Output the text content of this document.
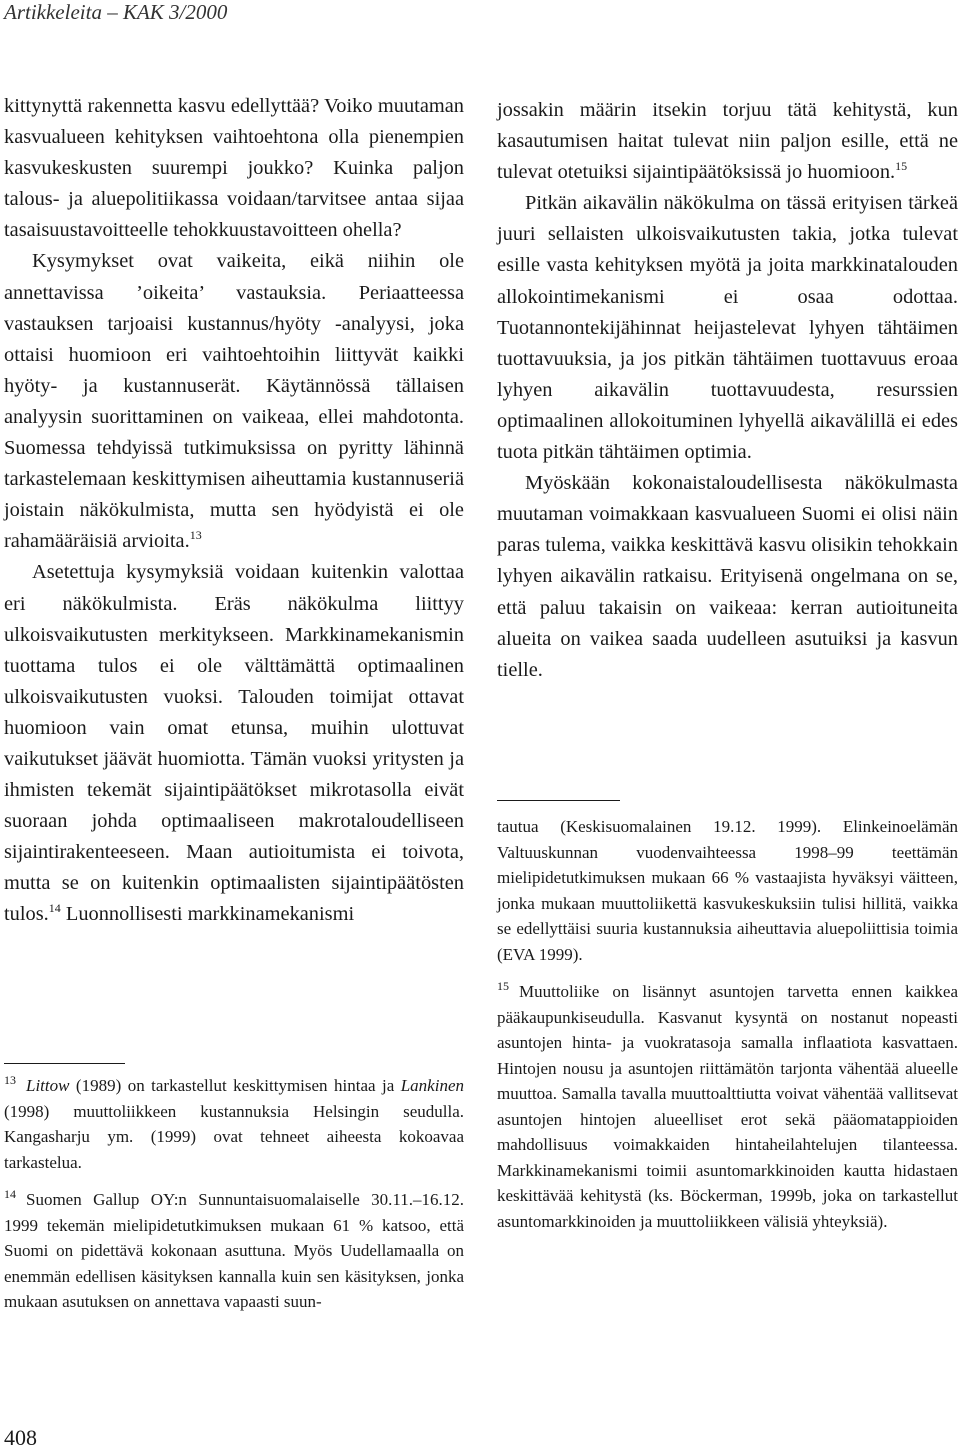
Artikkeleita – KAK 3/2000

kittynyttä rakennetta kasvu edellyttää? Voiko muutaman kasvualueen kehityksen vaihtoehtona olla pienempien kasvukeskusten suurempi joukko? Kuinka paljon talous- ja aluepolitiikassa voidaan/tarvitsee antaa sijaa tasaisuustavoitteelle tehokkuustavoitteen ohella?

Kysymykset ovat vaikeita, eikä niihin ole annettavissa ’oikeita’ vastauksia. Periaatteessa vastauksen tarjoaisi kustannus/hyöty -analyysi, joka ottaisi huomioon eri vaihtoehtoihin liittyvät kaikki hyöty- ja kustannuserät. Käytännössä tällaisen analyysin suorittaminen on vaikeaa, ellei mahdotonta. Suomessa tehdyissä tutkimuksissa on pyritty lähinnä tarkastelemaan keskittymisen aiheuttamia kustannuseriä joistain näkökulmista, mutta sen hyödyistä ei ole rahamääräisiä arvioita.$^{13}$

Asetettuja kysymyksiä voidaan kuitenkin valottaa eri näkökulmista. Eräs näkökulma liittyy ulkoisvaikutusten merkitykseen. Markkinamekanismin tuottama tulos ei ole välttämättä optimaalinen ulkoisvaikutusten vuoksi. Talouden toimijat ottavat huomioon vain omat etunsa, muihin ulottuvat vaikutukset jäävät huomiotta. Tämän vuoksi yritysten ja ihmisten tekemät sijaintipäätökset mikrotasolla eivät suoraan johda optimaaliseen makrotaloudelliseen sijaintirakenteeseen. Maan autioitumista ei toivota, mutta se on kuitenkin optimaalisten sijaintipäätösten tulos.$^{14}$ Luonnollisesti markkinamekanismi

jossakin määrin itsekin torjuu tätä kehitystä, kun kasautumisen haitat tulevat niin paljon esille, että ne tulevat otetuiksi sijaintipäätöksissä jo huomioon.$^{15}$

Pitkän aikavälin näkökulma on tässä erityisen tärkeä juuri sellaisten ulkoisvaikutusten takia, jotka tulevat esille vasta kehityksen myötä ja joita markkinatalouden allokointimekanismi ei osaa odottaa. Tuotannontekijähinnat heijastelevat lyhyen tähtäimen tuottavuuksia, ja jos pitkän tähtäimen tuottavuus eroaa lyhyen aikavälin tuottavuudesta, resurssien optimaalinen allokoituminen lyhyellä aikavälillä ei edes tuota pitkän tähtäimen optimia.

Myöskään kokonaistaloudellisesta näkökulmasta muutaman voimakkaan kasvualueen Suomi ei olisi näin paras tulema, vaikka keskittävä kasvu olisikin tehokkain lyhyen aikavälin ratkaisu. Erityisenä ongelmana on se, että paluu takaisin on vaikeaa: kerran autioituneita alueita on vaikea saada uudelleen asutuiksi ja kasvun tielle.

$^{13}$ Littow (1989) on tarkastellut keskittymisen hintaa ja Lankinen (1998) muuttoliikkeen kustannuksia Helsingin seudulla. Kangasharju ym. (1999) ovat tehneet aiheesta kokoavaa tarkastelua.

$^{14}$ Suomen Gallup OY:n Sunnuntaisuomalaiselle 30.11.–16.12. 1999 tekemän mielipidetutkimuksen mukaan 61 % katsoo, että Suomi on pidettävä kokonaan asuttuna. Myös Uudellamaalla on enemmän edellisen käsityksen kannalla kuin sen käsityksen, jonka mukaan asutuksen on annettava vapaasti suun-

tautua (Keskisuomalainen 19.12. 1999). Elinkeinoelämän Valtuuskunnan vuodenvaihteessa 1998–99 teettämän mielipidetutkimuksen mukaan 66 % vastaajista hyväksyi väitteen, jonka mukaan muuttoliikettä kasvukeskuksiin tulisi hillitä, vaikka se edellyttäisi suuria kustannuksia aiheuttavia aluepoliittisia toimia (EVA 1999).

$^{15}$ Muuttoliike on lisännyt asuntojen tarvetta ennen kaikkea pääkaupunkiseudulla. Kasvanut kysyntä on nostanut nopeasti asuntojen hinta- ja vuokratasoja samalla inflaatiota kasvattaen. Hintojen nousu ja asuntojen riittämätön tarjonta vähentää alueelle muuttoa. Samalla tavalla muuttoalttiutta voivat vähentää vallitsevat asuntojen hintojen alueelliset erot sekä pääomatappioiden mahdollisuus voimakkaiden hintaheilahtelujen tilanteessa. Markkinamekanismi toimii asuntomarkkinoiden kautta hidastaen keskittävää kehitystä (ks. Böckerman, 1999b, joka on tarkastellut asuntomarkkinoiden ja muuttoliikkeen välisiä yhteyksiä).

408
